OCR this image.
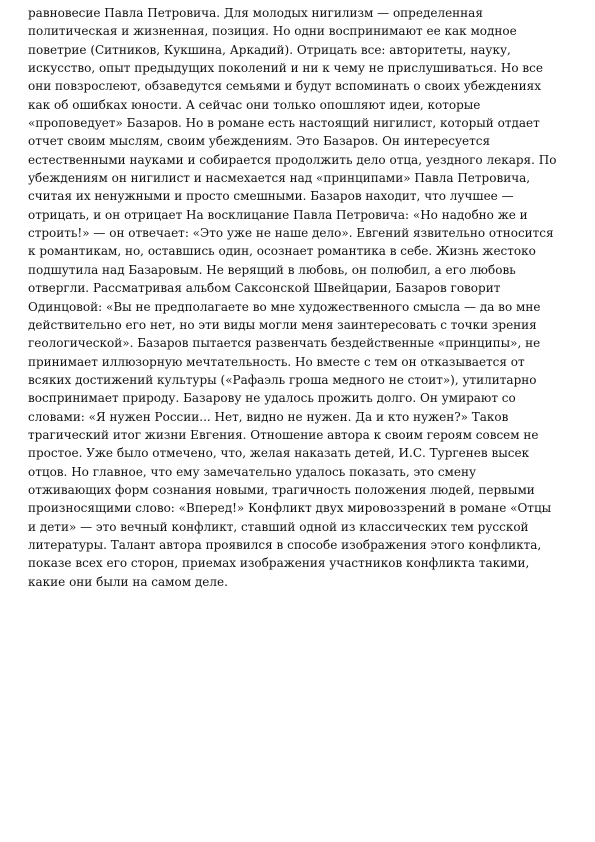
равновесие Павла Петровича. Для молодых нигилизм — определенная
политическая и жизненная, позиция. Но одни воспринимают ее как модное
поветрие (Ситников, Кукшина, Аркадий). Отрицать все: авторитеты, науку,
искусство, опыт предыдущих поколений и ни к чему не прислушиваться. Но все
они повзрослеют, обзаведутся семьями и будут вспоминать о своих убеждениях
как об ошибках юности. А сейчас они только опошляют идеи, которые
«проповедует» Базаров. Но в романе есть настоящий нигилист, который отдает
отчет своим мыслям, своим убеждениям. Это Базаров. Он интересуется
естественными науками и собирается продолжить дело отца, уездного лекаря. По
убеждениям он нигилист и насмехается над «принципами» Павла Петровича,
считая их ненужными и просто смешными. Базаров находит, что лучшее —
отрицать, и он отрицает На восклицание Павла Петровича: «Но надобно же и
строить!» — он отвечает: «Это уже не наше дело». Евгений язвительно относится
к романтикам, но, оставшись один, осознает романтика в себе. Жизнь жестоко
подшутила над Базаровым. Не верящий в любовь, он полюбил, а его любовь
отвергли. Рассматривая альбом Саксонской Швейцарии, Базаров говорит
Одинцовой: «Вы не предполагаете во мне художественного смысла — да во мне
действительно его нет, но эти виды могли меня заинтересовать с точки зрения
геологической». Базаров пытается развенчать бездейственные «принципы», не
принимает иллюзорную мечтательность. Но вместе с тем он отказывается от
всяких достижений культуры («Рафаэль гроша медного не стоит»), утилитарно
воспринимает природу. Базарову не удалось прожить долго. Он умирают со
словами: «Я нужен России... Нет, видно не нужен. Да и кто нужен?» Таков
трагический итог жизни Евгения. Отношение автора к своим героям совсем не
простое. Уже было отмечено, что, желая наказать детей, И.С. Тургенев высек
отцов. Но главное, что ему замечательно удалось показать, это смену
отживающих форм сознания новыми, трагичность положения людей, первыми
произносящими слово: «Вперед!» Конфликт двух мировоззрений в романе «Отцы
и дети» — это вечный конфликт, ставший одной из классических тем русской
литературы. Талант автора проявился в способе изображения этого конфликта,
показе всех его сторон, приемах изображения участников конфликта такими,
какие они были на самом деле.
